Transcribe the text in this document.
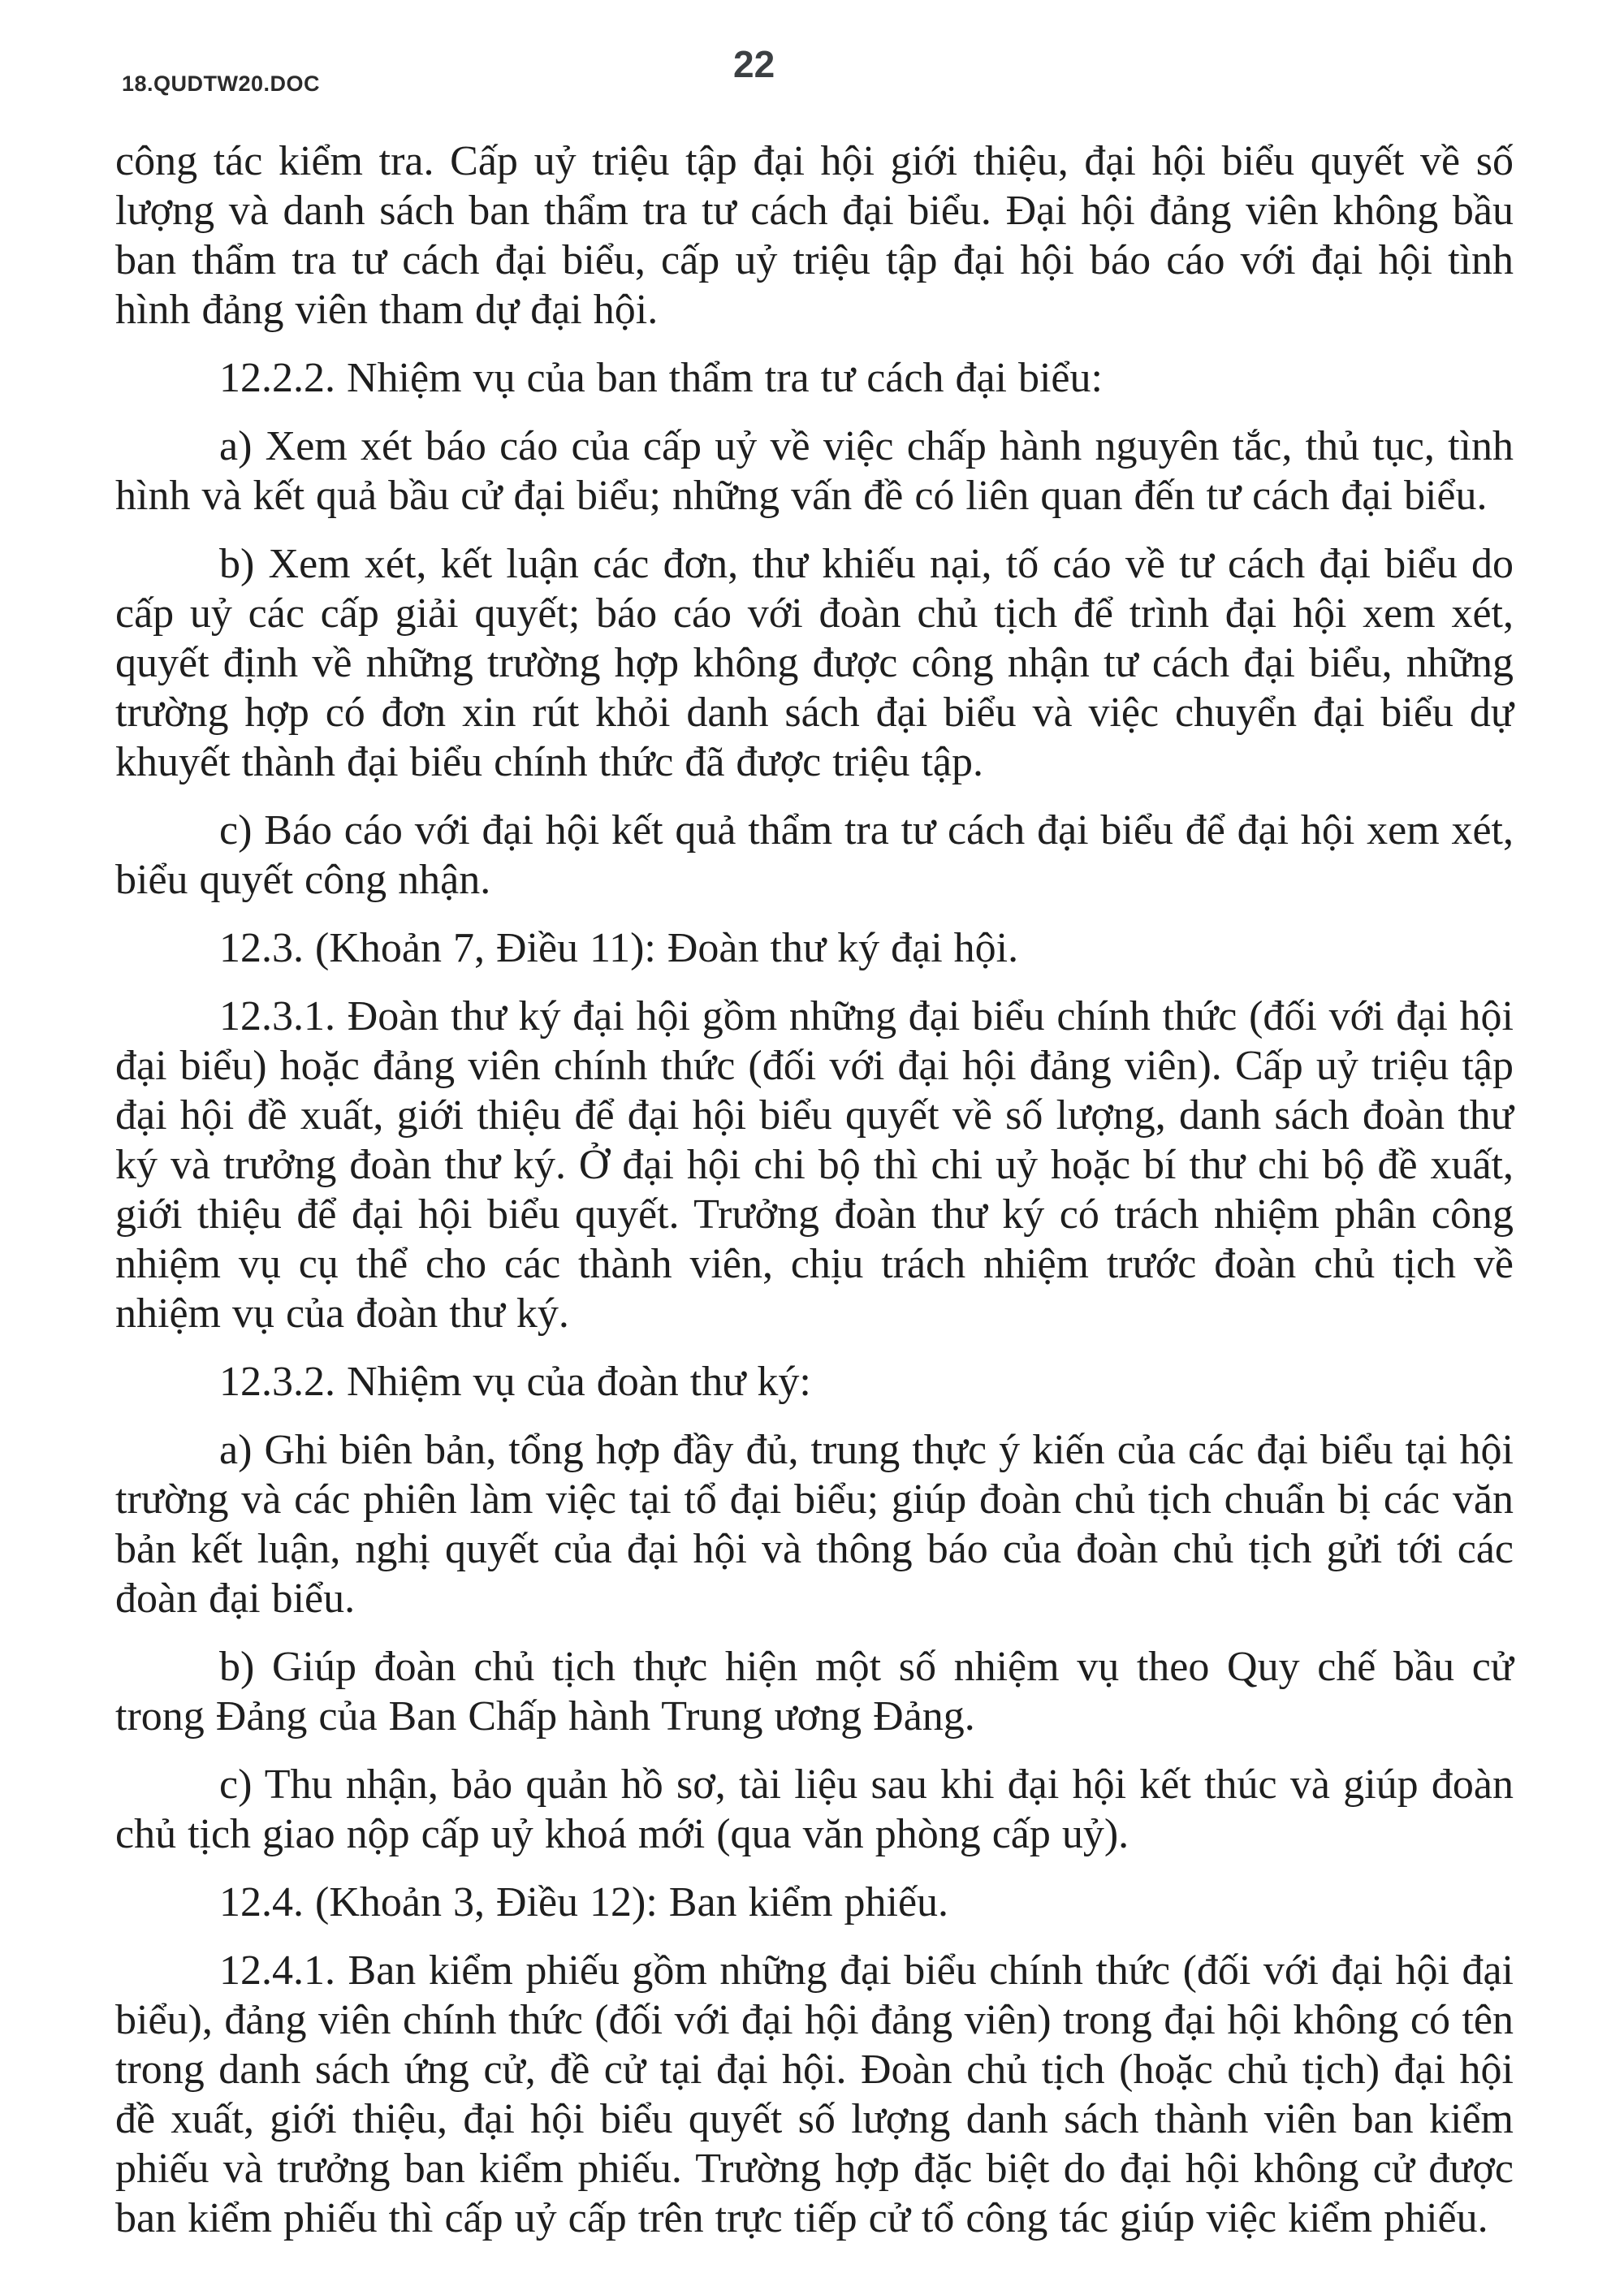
18.QUDTW20.DOC	22

công tác kiểm tra. Cấp uỷ triệu tập đại hội giới thiệu, đại hội biểu quyết về số lượng và danh sách ban thẩm tra tư cách đại biểu. Đại hội đảng viên không bầu ban thẩm tra tư cách đại biểu, cấp uỷ triệu tập đại hội báo cáo với đại hội tình hình đảng viên tham dự đại hội.

12.2.2. Nhiệm vụ của ban thẩm tra tư cách đại biểu:

a) Xem xét báo cáo của cấp uỷ về việc chấp hành nguyên tắc, thủ tục, tình hình và kết quả bầu cử đại biểu; những vấn đề có liên quan đến tư cách đại biểu.

b) Xem xét, kết luận các đơn, thư khiếu nại, tố cáo về tư cách đại biểu do cấp uỷ các cấp giải quyết; báo cáo với đoàn chủ tịch để trình đại hội xem xét, quyết định về những trường hợp không được công nhận tư cách đại biểu, những trường hợp có đơn xin rút khỏi danh sách đại biểu và việc chuyển đại biểu dự khuyết thành đại biểu chính thức đã được triệu tập.

c) Báo cáo với đại hội kết quả thẩm tra tư cách đại biểu để đại hội xem xét, biểu quyết công nhận.

12.3. (Khoản 7, Điều 11): Đoàn thư ký đại hội.

12.3.1. Đoàn thư ký đại hội gồm những đại biểu chính thức (đối với đại hội đại biểu) hoặc đảng viên chính thức (đối với đại hội đảng viên). Cấp uỷ triệu tập đại hội đề xuất, giới thiệu để đại hội biểu quyết về số lượng, danh sách đoàn thư ký và trưởng đoàn thư ký. Ở đại hội chi bộ thì chi uỷ hoặc bí thư chi bộ đề xuất, giới thiệu để đại hội biểu quyết. Trưởng đoàn thư ký có trách nhiệm phân công nhiệm vụ cụ thể cho các thành viên, chịu trách nhiệm trước đoàn chủ tịch về nhiệm vụ của đoàn thư ký.

12.3.2. Nhiệm vụ của đoàn thư ký:

a) Ghi biên bản, tổng hợp đầy đủ, trung thực ý kiến của các đại biểu tại hội trường và các phiên làm việc tại tổ đại biểu; giúp đoàn chủ tịch chuẩn bị các văn bản kết luận, nghị quyết của đại hội và thông báo của đoàn chủ tịch gửi tới các đoàn đại biểu.

b) Giúp đoàn chủ tịch thực hiện một số nhiệm vụ theo Quy chế bầu cử trong Đảng của Ban Chấp hành Trung ương Đảng.

c) Thu nhận, bảo quản hồ sơ, tài liệu sau khi đại hội kết thúc và giúp đoàn chủ tịch giao nộp cấp uỷ khoá mới (qua văn phòng cấp uỷ).

12.4. (Khoản 3, Điều 12): Ban kiểm phiếu.

12.4.1. Ban kiểm phiếu gồm những đại biểu chính thức (đối với đại hội đại biểu), đảng viên chính thức (đối với đại hội đảng viên) trong đại hội không có tên trong danh sách ứng cử, đề cử tại đại hội. Đoàn chủ tịch (hoặc chủ tịch) đại hội đề xuất, giới thiệu, đại hội biểu quyết số lượng danh sách thành viên ban kiểm phiếu và trưởng ban kiểm phiếu. Trường hợp đặc biệt do đại hội không cử được ban kiểm phiếu thì cấp uỷ cấp trên trực tiếp cử tổ công tác giúp việc kiểm phiếu.
